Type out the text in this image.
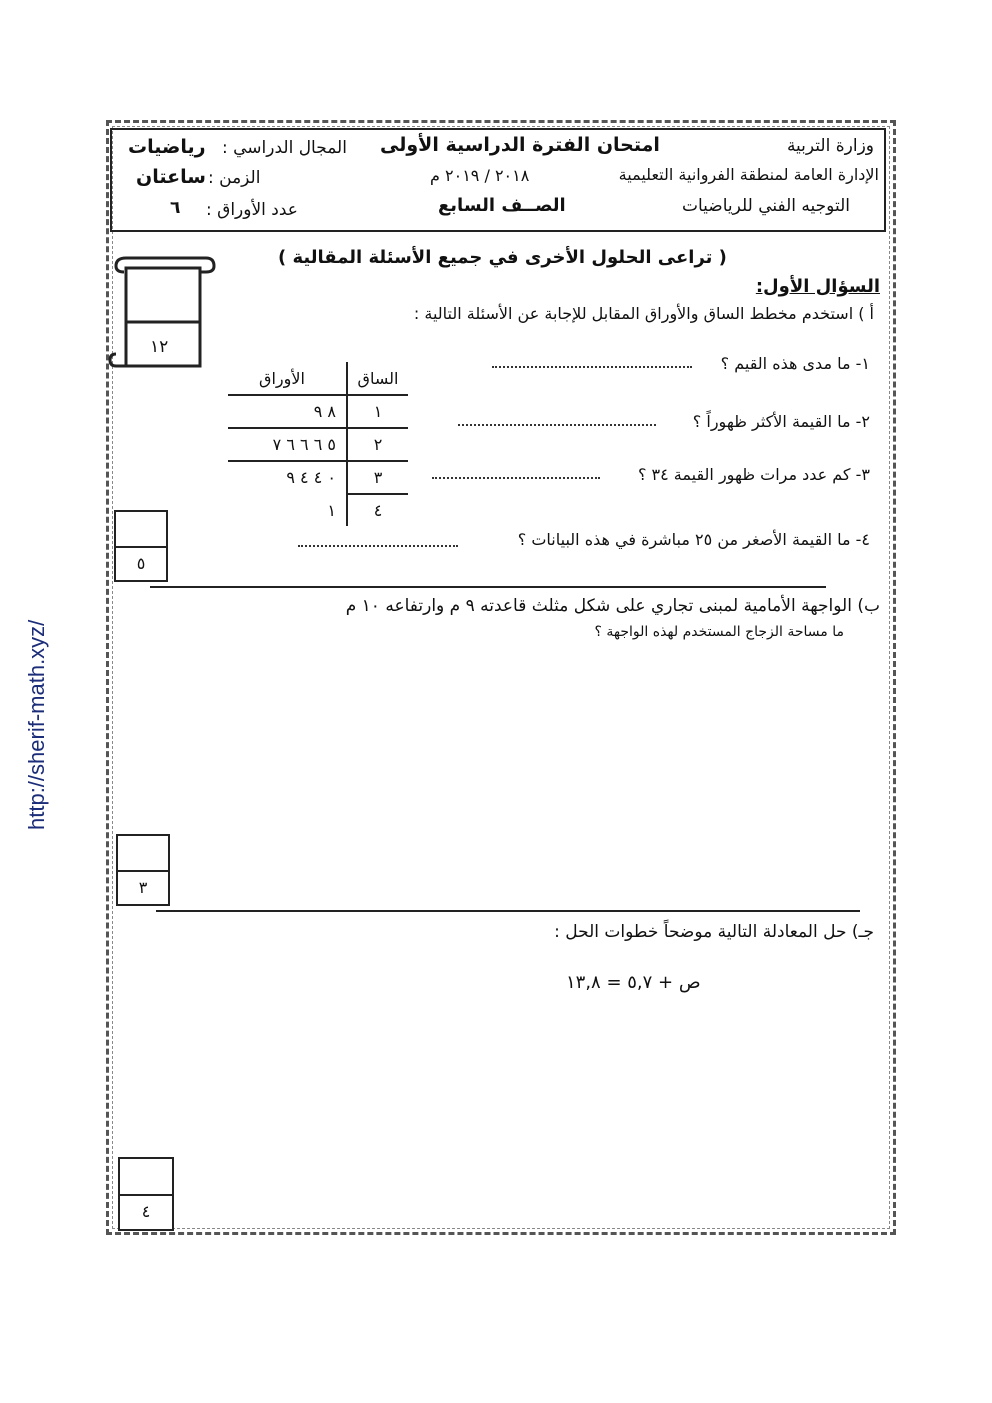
وزارة التربية
الإدارة العامة لمنطقة الفروانية التعليمية
التوجيه الفني للرياضيات
امتحان الفترة الدراسية الأولى
٢٠١٨ / ٢٠١٩ م
الصــف السابع
المجال الدراسي :
رياضيات
الزمن :
ساعتان
عدد الأوراق :
٦
( تراعى الحلول الأخرى في جميع الأسئلة المقالية )
١٢
السؤال الأول:
أ ) استخدم مخطط الساق والأوراق المقابل للإجابة عن الأسئلة التالية :
١- ما مدى هذه القيم ؟
٢- ما القيمة الأكثر ظهوراً ؟
٣- كم عدد مرات ظهور القيمة ٣٤ ؟
٤- ما القيمة الأصغر من ٢٥ مباشرة في هذه البيانات ؟
الأوراق	الساق
٨ ٩	١
٥ ٦ ٦ ٦ ٧	٢
٠ ٤ ٤ ٩	٣
١	٤
٥
ب) الواجهة الأمامية لمبنى تجاري على شكل مثلث قاعدته ٩ م وارتفاعه ١٠ م
ما مساحة الزجاج المستخدم لهذه الواجهة ؟
٣
جـ) حل المعادلة التالية موضحاً خطوات الحل :
ص + ٥,٧ = ١٣,٨
٤
http://sherif-math.xyz/
